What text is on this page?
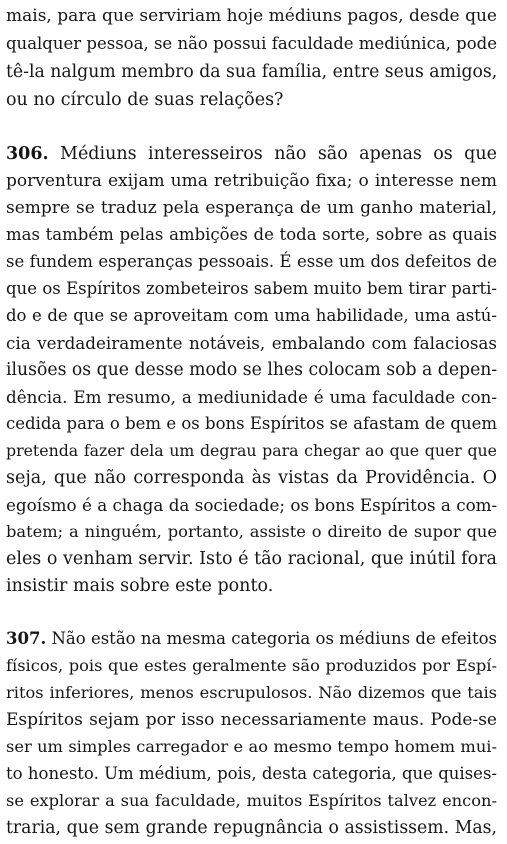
mais, para que serviriam hoje médiuns pagos, desde que
qualquer pessoa, se não possui faculdade mediúnica, pode
tê-la nalgum membro da sua família, entre seus amigos,
ou no círculo de suas relações?
306. Médiuns interesseiros não são apenas os que
porventura exijam uma retribuição fixa; o interesse nem
sempre se traduz pela esperança de um ganho material,
mas também pelas ambições de toda sorte, sobre as quais
se fundem esperanças pessoais. É esse um dos defeitos de
que os Espíritos zombeteiros sabem muito bem tirar parti-
do e de que se aproveitam com uma habilidade, uma astú-
cia verdadeiramente notáveis, embalando com falaciosas
ilusões os que desse modo se lhes colocam sob a depen-
dência. Em resumo, a mediunidade é uma faculdade con-
cedida para o bem e os bons Espíritos se afastam de quem
pretenda fazer dela um degrau para chegar ao que quer que
seja, que não corresponda às vistas da Providência. O
egoísmo é a chaga da sociedade; os bons Espíritos a com-
batem; a ninguém, portanto, assiste o direito de supor que
eles o venham servir. Isto é tão racional, que inútil fora
insistir mais sobre este ponto.
307. Não estão na mesma categoria os médiuns de efeitos
físicos, pois que estes geralmente são produzidos por Espí-
ritos inferiores, menos escrupulosos. Não dizemos que tais
Espíritos sejam por isso necessariamente maus. Pode-se
ser um simples carregador e ao mesmo tempo homem mui-
to honesto. Um médium, pois, desta categoria, que quises-
se explorar a sua faculdade, muitos Espíritos talvez encon-
traria, que sem grande repugnância o assistissem. Mas,
